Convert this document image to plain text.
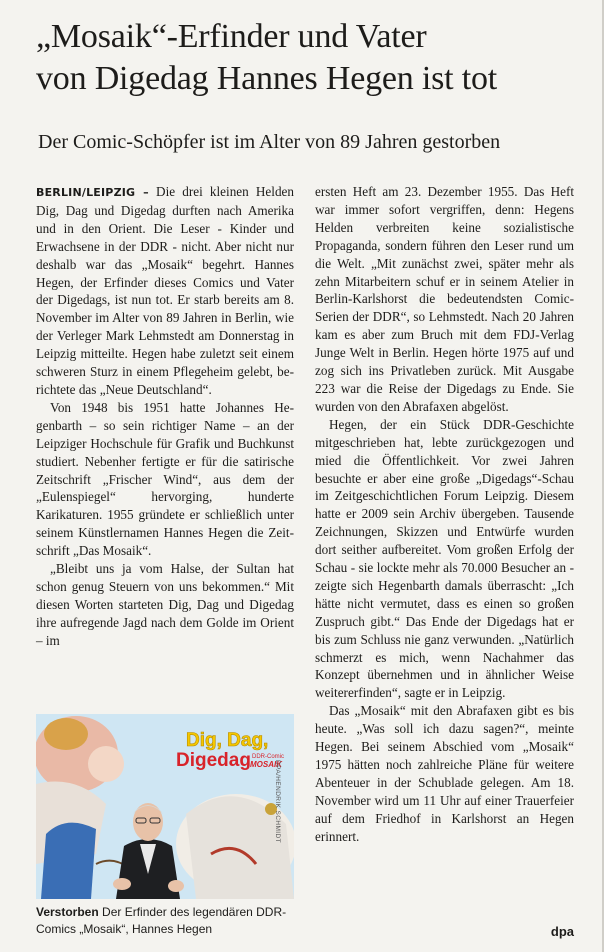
„Mosaik“-Erfinder und Vater
von Digedag Hannes Hegen ist tot
Der Comic-Schöpfer ist im Alter von 89 Jahren gestorben

BERLIN/LEIPZIG – Die drei kleinen Helden Dig, Dag und Digedag durften nach Amerika und in den Orient. Die Leser - Kinder und Erwachsene in der DDR - nicht. Aber nicht nur deshalb war das „Mosaik“ begehrt. Hannes Hegen, der Erfinder dieses Comics und Vater der Digedags, ist nun tot. Er starb bereits am 8. November im Alter von 89 Jahren in Berlin, wie der Verleger Mark Lehmstedt am Donnerstag in Leipzig mitteilte. Hegen habe zuletzt seit einem schweren Sturz in einem Pflegeheim gelebt, berichtete das „Neue Deutschland“.

Von 1948 bis 1951 hatte Johannes Hegenbarth – so sein richtiger Name – an der Leipziger Hochschule für Grafik und Buchkunst studiert. Nebenher fertigte er für die satirische Zeitschrift „Frischer Wind“, aus dem der „Eulenspiegel“ hervorging, hunderte Karikaturen. 1955 gründete er schließlich unter seinem Künstlernamen Hannes Hegen die Zeitschrift „Das Mosaik“.

„Bleibt uns ja vom Halse, der Sultan hat schon genug Steuern von uns bekommen.“ Mit diesen Worten starteten Dig, Dag und Digedag ihre aufregende Jagd nach dem Golde im Orient – im

ersten Heft am 23. Dezember 1955. Das Heft war immer sofort vergriffen, denn: Hegens Helden verbreiten keine sozialistische Propaganda, sondern führen den Leser rund um die Welt. „Mit zunächst zwei, später mehr als zehn Mitarbeitern schuf er in seinem Atelier in Berlin-Karlshorst die bedeutendsten Comic-Serien der DDR“, so Lehmstedt. Nach 20 Jahren kam es aber zum Bruch mit dem FDJ-Verlag Junge Welt in Berlin. Hegen hörte 1975 auf und zog sich ins Privatleben zurück. Mit Ausgabe 223 war die Reise der Digedags zu Ende. Sie wurden von den Abrafaxen abgelöst.

Hegen, der ein Stück DDR-Geschichte mitgeschrieben hat, lebte zurückgezogen und mied die Öffentlichkeit. Vor zwei Jahren besuchte er aber eine große „Digedags“-Schau im Zeitgeschichtlichen Forum Leipzig. Diesem hatte er 2009 sein Archiv übergeben. Tausende Zeichnungen, Skizzen und Entwürfe wurden dort seither aufbereitet. Vom großen Erfolg der Schau - sie lockte mehr als 70.000 Besucher an - zeigte sich Hegenbarth damals überrascht: „Ich hätte nicht vermutet, dass es einen so großen Zuspruch gibt.“ Das Ende der Digedags hat er bis zum Schluss nie ganz verwunden. „Natürlich schmerzt es mich, wenn Nachahmer das Konzept übernehmen und in ähnlicher Weise weitererfinden“, sagte er in Leipzig.

Das „Mosaik“ mit den Abrafaxen gibt es bis heute. „Was soll ich dazu sagen?“, meinte Hegen. Bei seinem Abschied vom „Mosaik“ 1975 hätten noch zahlreiche Pläne für weitere Abenteuer in der Schublade gelegen. Am 18. November wird um 11 Uhr auf einer Trauerfeier auf dem Friedhof in Karlshorst an Hegen erinnert.

Dig, Dag,
Digedag DDR-Comic
MOSAIK
DPA/HENDRIK SCHMIDT
Verstorben Der Erfinder des legendären DDR-Comics „Mosaik“, Hannes Hegen	dpa
